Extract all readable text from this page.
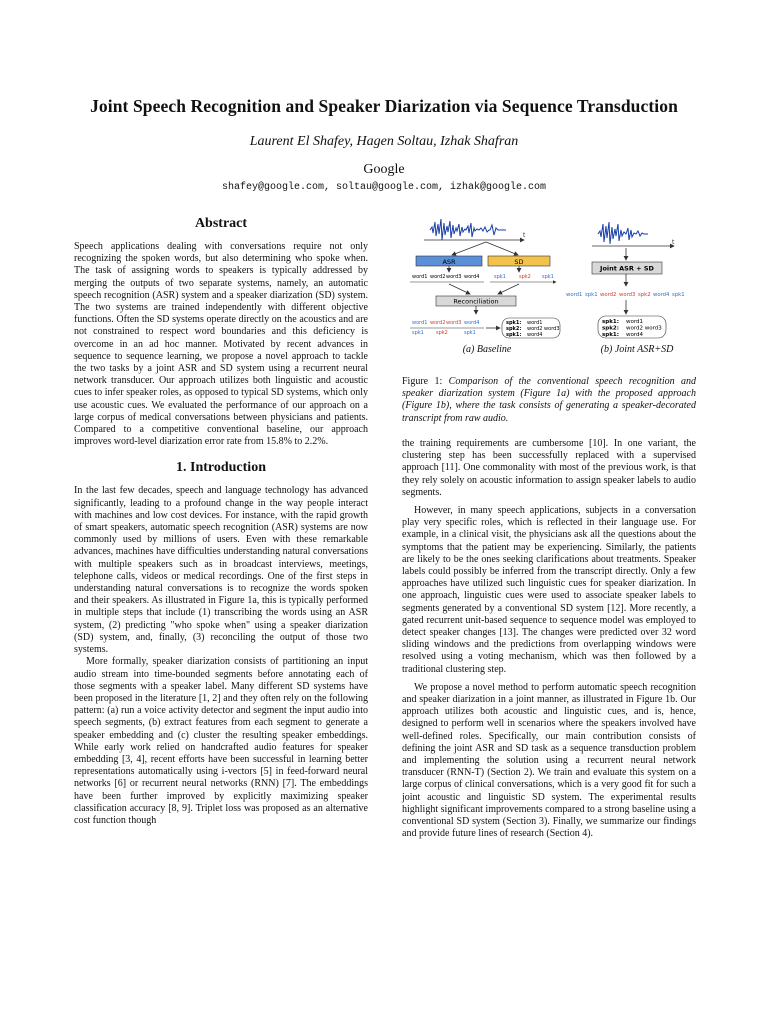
Joint Speech Recognition and Speaker Diarization via Sequence Transduction
Laurent El Shafey, Hagen Soltau, Izhak Shafran
Google
shafey@google.com, soltau@google.com, izhak@google.com
Abstract

Speech applications dealing with conversations require not only recognizing the spoken words, but also determining who spoke when. The task of assigning words to speakers is typically addressed by merging the outputs of two separate systems, namely, an automatic speech recognition (ASR) system and a speaker diarization (SD) system. The two systems are trained independently with different objective functions. Often the SD systems operate directly on the acoustics and are not constrained to respect word boundaries and this deficiency is overcome in an ad hoc manner. Motivated by recent advances in sequence to sequence learning, we propose a novel approach to tackle the two tasks by a joint ASR and SD system using a recurrent neural network transducer. Our approach utilizes both linguistic and acoustic cues to infer speaker roles, as opposed to typical SD systems, which only use acoustic cues. We evaluated the performance of our approach on a large corpus of medical conversations between physicians and patients. Compared to a competitive conventional baseline, our approach improves word-level diarization error rate from 15.8% to 2.2%.

1. Introduction

In the last few decades, speech and language technology has advanced significantly, leading to a profound change in the way people interact with machines and low cost devices. For instance, with the rapid growth of smart speakers, automatic speech recognition (ASR) systems are now commonly used by millions of users. Even with these remarkable advances, machines have difficulties understanding natural conversations with multiple speakers such as in broadcast interviews, meetings, telephone calls, videos or medical recordings. One of the first steps in understanding natural conversations is to recognize the words spoken and their speakers. As illustrated in Figure 1a, this is typically performed in multiple steps that include (1) transcribing the words using an ASR system, (2) predicting "who spoke when" using a speaker diarization (SD) system, and, finally, (3) reconciling the output of those two systems.

More formally, speaker diarization consists of partitioning an input audio stream into time-bounded segments before annotating each of those segments with a speaker label. Many different SD systems have been proposed in the literature [1, 2] and they often rely on the following pattern: (a) run a voice activity detector and segment the input audio into speech segments, (b) extract features from each segment to generate a speaker embedding and (c) cluster the resulting speaker embeddings. While early work relied on handcrafted audio features for speaker embedding [3, 4], recent efforts have been successful in learning better representations automatically using i-vectors [5] in feed-forward neural networks [6] or recurrent neural networks (RNN) [7]. The embeddings have been further improved by explicitly maximizing speaker classification accuracy [8, 9]. Triplet loss was proposed as an alternative cost function though

t
ASR	SD
word1 word2 word3 word4	spk1	spk2 spk1
Reconciliation
word1 word2 word3 word4
spk1 spk2	spk1
spk1: word1
spk2: word2 word3
spk1: word4
t
Joint ASR + SD
word1 spk1 word2 word3 spk2 word4 spk1
spk1: word1
spk2: word2 word3
spk1: word4
(a) Baseline	(b) Joint ASR+SD

Figure 1: Comparison of the conventional speech recognition and speaker diarization system (Figure 1a) with the proposed approach (Figure 1b), where the task consists of generating a speaker-decorated transcript from raw audio.

the training requirements are cumbersome [10]. In one variant, the clustering step has been successfully replaced with a supervised approach [11]. One commonality with most of the previous work, is that they rely solely on acoustic information to assign speaker labels to audio segments.

However, in many speech applications, subjects in a conversation play very specific roles, which is reflected in their language use. For example, in a clinical visit, the physicians ask all the questions about the symptoms that the patient may be experiencing. Similarly, the patients are likely to be the ones seeking clarifications about treatments. Speaker labels could possibly be inferred from the transcript directly. Only a few approaches have utilized such linguistic cues for speaker diarization. In one approach, linguistic cues were used to associate speaker labels to segments generated by a conventional SD system [12]. More recently, a gated recurrent unit-based sequence to sequence model was employed to detect speaker changes [13]. The changes were predicted over 32 word sliding windows and the predictions from overlapping windows were resolved using a voting mechanism, which was then followed by a traditional clustering step.

We propose a novel method to perform automatic speech recognition and speaker diarization in a joint manner, as illustrated in Figure 1b. Our approach utilizes both acoustic and linguistic cues, and is, hence, designed to perform well in scenarios where the speakers involved have well-defined roles. Specifically, our main contribution consists of defining the joint ASR and SD task as a sequence transduction problem and implementing the solution using a recurrent neural network transducer (RNN-T) (Section 2). We train and evaluate this system on a large corpus of clinical conversations, which is a very good fit for such a joint acoustic and linguistic SD system. The experimental results highlight significant improvements compared to a strong baseline using a conventional SD system (Section 3). Finally, we summarize our findings and provide future lines of research (Section 4).
